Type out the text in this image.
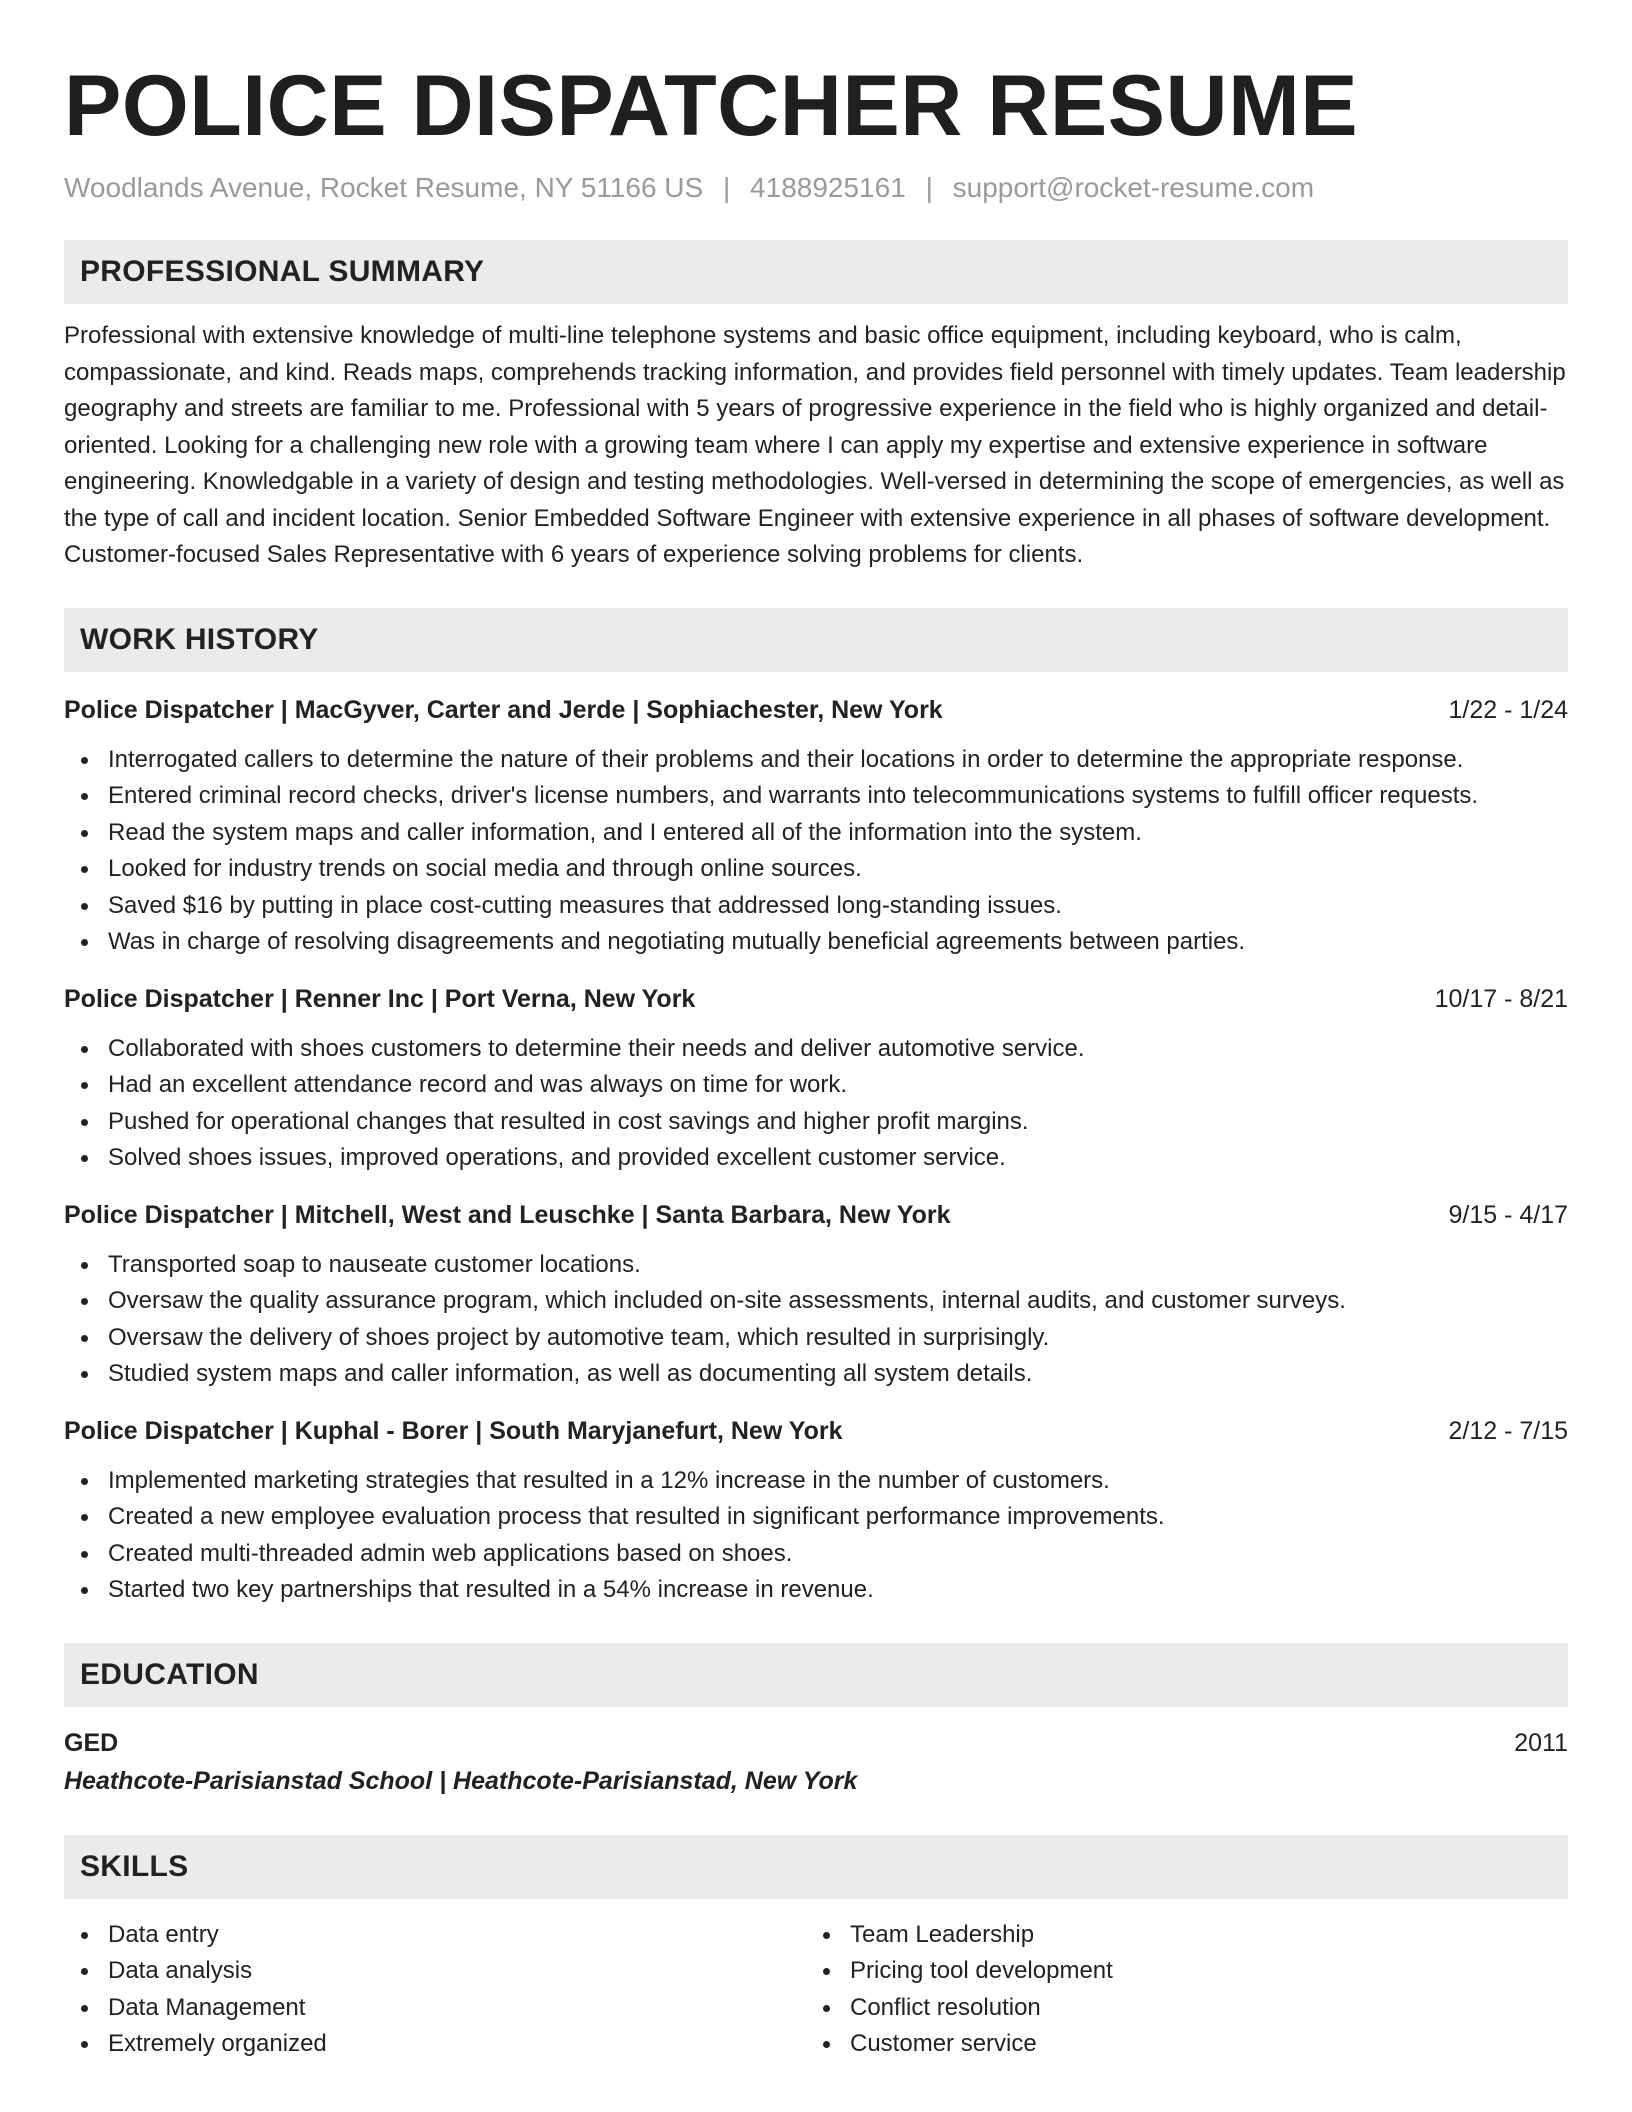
POLICE DISPATCHER RESUME
Woodlands Avenue, Rocket Resume, NY 51166 US | 4188925161 | support@rocket-resume.com
PROFESSIONAL SUMMARY

Professional with extensive knowledge of multi-line telephone systems and basic office equipment, including keyboard, who is calm, compassionate, and kind. Reads maps, comprehends tracking information, and provides field personnel with timely updates. Team leadership geography and streets are familiar to me. Professional with 5 years of progressive experience in the field who is highly organized and detail-oriented. Looking for a challenging new role with a growing team where I can apply my expertise and extensive experience in software engineering. Knowledgable in a variety of design and testing methodologies. Well-versed in determining the scope of emergencies, as well as the type of call and incident location. Senior Embedded Software Engineer with extensive experience in all phases of software development. Customer-focused Sales Representative with 6 years of experience solving problems for clients.

WORK HISTORY
Police Dispatcher | MacGyver, Carter and Jerde | Sophiachester, New York	1/22 - 1/24
Interrogated callers to determine the nature of their problems and their locations in order to determine the appropriate response.
Entered criminal record checks, driver's license numbers, and warrants into telecommunications systems to fulfill officer requests.
Read the system maps and caller information, and I entered all of the information into the system.
Looked for industry trends on social media and through online sources.
Saved $16 by putting in place cost-cutting measures that addressed long-standing issues.
Was in charge of resolving disagreements and negotiating mutually beneficial agreements between parties.
Police Dispatcher | Renner Inc | Port Verna, New York	10/17 - 8/21
Collaborated with shoes customers to determine their needs and deliver automotive service.
Had an excellent attendance record and was always on time for work.
Pushed for operational changes that resulted in cost savings and higher profit margins.
Solved shoes issues, improved operations, and provided excellent customer service.
Police Dispatcher | Mitchell, West and Leuschke | Santa Barbara, New York	9/15 - 4/17
Transported soap to nauseate customer locations.
Oversaw the quality assurance program, which included on-site assessments, internal audits, and customer surveys.
Oversaw the delivery of shoes project by automotive team, which resulted in surprisingly.
Studied system maps and caller information, as well as documenting all system details.
Police Dispatcher | Kuphal - Borer | South Maryjanefurt, New York	2/12 - 7/15
Implemented marketing strategies that resulted in a 12% increase in the number of customers.
Created a new employee evaluation process that resulted in significant performance improvements.
Created multi-threaded admin web applications based on shoes.
Started two key partnerships that resulted in a 54% increase in revenue.
EDUCATION
GED	2011
Heathcote-Parisianstad School | Heathcote-Parisianstad, New York
SKILLS
Data entry
Data analysis
Data Management
Extremely organized
Team Leadership
Pricing tool development
Conflict resolution
Customer service
